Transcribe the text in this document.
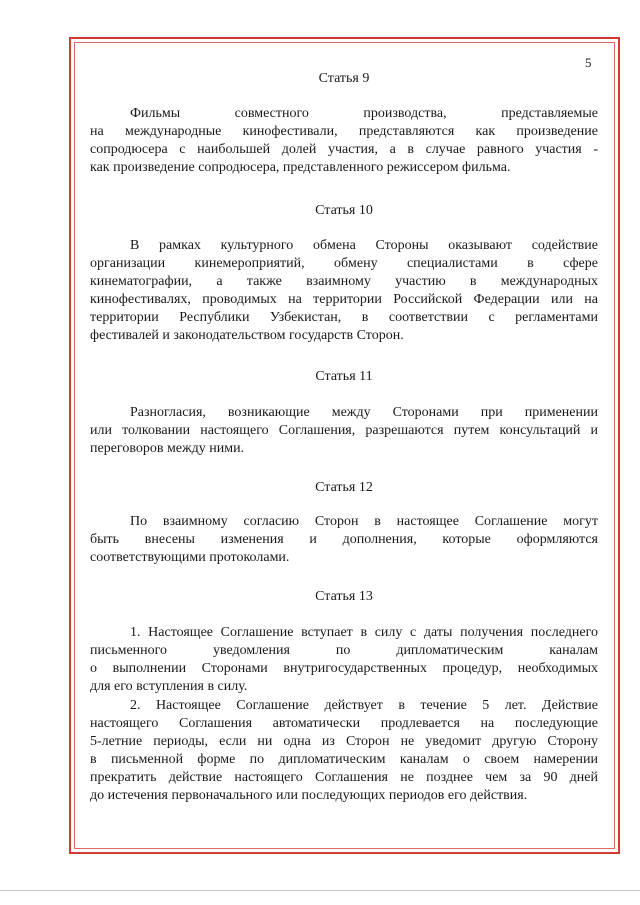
5
Статья 9
Фильмы совместного производства, представляемые
на международные кинофестивали, представляются как произведение
сопродюсера с наибольшей долей участия, а в случае равного участия -
как произведение сопродюсера, представленного режиссером фильма.
Статья 10
В рамках культурного обмена Стороны оказывают содействие
организации кинемероприятий, обмену специалистами в сфере
кинематографии, а также взаимному участию в международных
кинофестивалях, проводимых на территории Российской Федерации или на
территории Республики Узбекистан, в соответствии с регламентами
фестивалей и законодательством государств Сторон.
Статья 11
Разногласия, возникающие между Сторонами при применении
или толковании настоящего Соглашения, разрешаются путем консультаций и
переговоров между ними.
Статья 12
По взаимному согласию Сторон в настоящее Соглашение могут
быть внесены изменения и дополнения, которые оформляются
соответствующими протоколами.
Статья 13
1. Настоящее Соглашение вступает в силу с даты получения последнего
письменного уведомления по дипломатическим каналам
о выполнении Сторонами внутригосударственных процедур, необходимых
для его вступления в силу.
2. Настоящее Соглашение действует в течение 5 лет. Действие
настоящего Соглашения автоматически продлевается на последующие
5-летние периоды, если ни одна из Сторон не уведомит другую Сторону
в письменной форме по дипломатическим каналам о своем намерении
прекратить действие настоящего Соглашения не позднее чем за 90 дней
до истечения первоначального или последующих периодов его действия.
